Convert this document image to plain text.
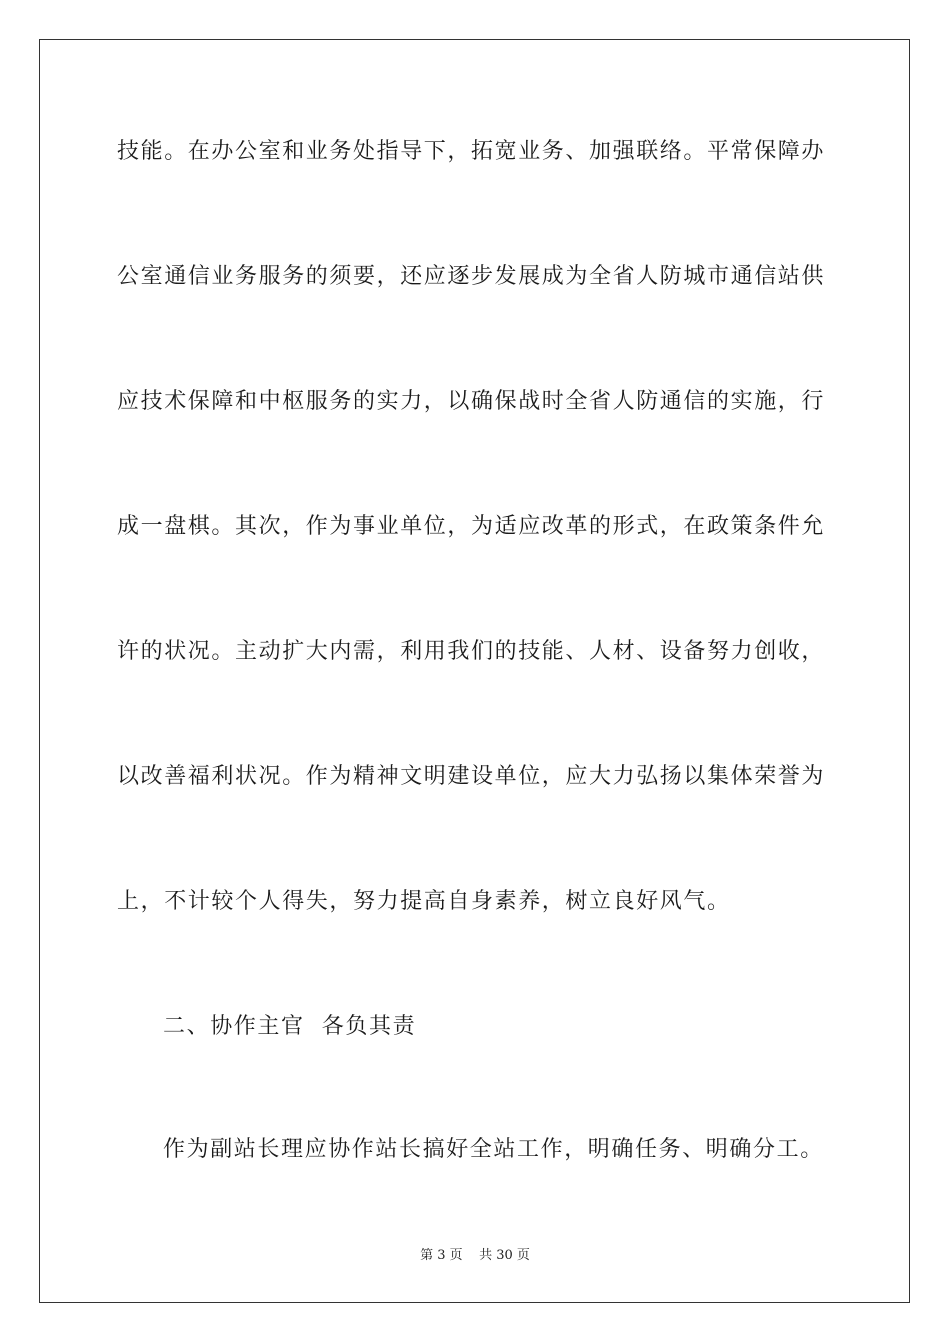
技能。在办公室和业务处指导下，拓宽业务、加强联络。平常保障办
公室通信业务服务的须要，还应逐步发展成为全省人防城市通信站供
应技术保障和中枢服务的实力，以确保战时全省人防通信的实施，行
成一盘棋。其次，作为事业单位，为适应改革的形式，在政策条件允
许的状况。主动扩大内需，利用我们的技能、人材、设备努力创收，
以改善福利状况。作为精神文明建设单位，应大力弘扬以集体荣誉为
上，不计较个人得失，努力提高自身素养，树立良好风气。
二、协作主官  各负其责
作为副站长理应协作站长搞好全站工作，明确任务、明确分工。
第 3 页    共 30 页
